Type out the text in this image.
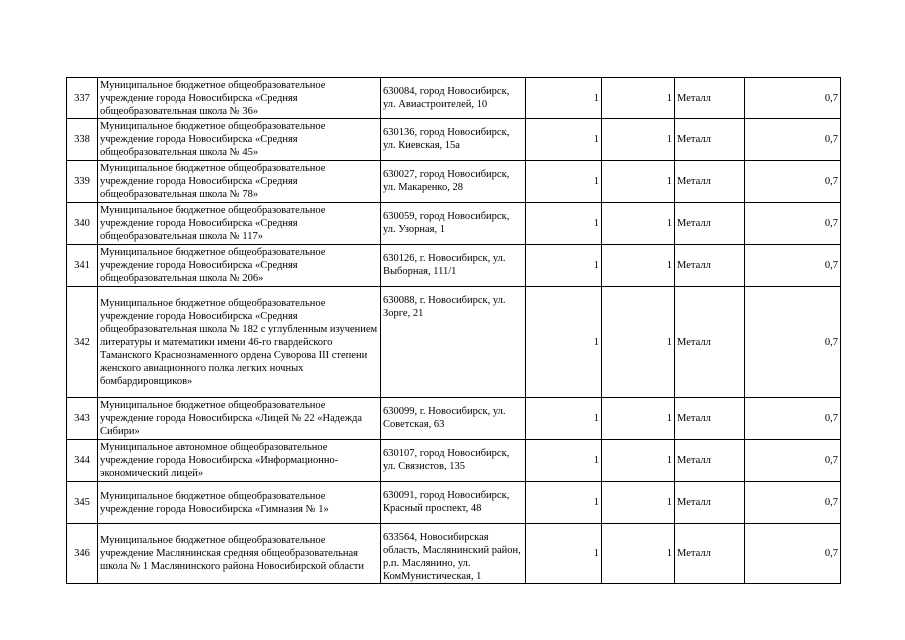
337	Муниципальное бюджетное общеобразовательное учреждение города Новосибирска «Средняя общеобразовательная школа № 36»	630084, город Новосибирск, ул. Авиастроителей, 10	1	1	Металл	0,7

338	Муниципальное бюджетное общеобразовательное учреждение города Новосибирска «Средняя общеобразовательная школа № 45»	630136, город Новосибирск, ул. Киевская, 15а	1	1	Металл	0,7

339	Муниципальное бюджетное общеобразовательное учреждение города Новосибирска «Средняя общеобразовательная школа № 78»	630027, город Новосибирск, ул. Макаренко, 28	1	1	Металл	0,7

340	Муниципальное бюджетное общеобразовательное учреждение города Новосибирска «Средняя общеобразовательная школа № 117»	630059, город Новосибирск, ул. Узорная, 1	1	1	Металл	0,7

341	Муниципальное бюджетное общеобразовательное учреждение города Новосибирска «Средняя общеобразовательная школа № 206»	630126, г. Новосибирск, ул. Выборная, 111/1	1	1	Металл	0,7

342	Муниципальное бюджетное общеобразовательное учреждение города Новосибирска «Средняя общеобразовательная школа № 182 с углубленным изучением литературы и математики имени 46-го гвардейского Таманского Краснознаменного ордена Суворова III степени женского авиационного полка легких ночных бомбардировщиков»	630088, г. Новосибирск, ул. Зорге, 21	1	1	Металл	0,7

343	Муниципальное бюджетное общеобразовательное учреждение города Новосибирска «Лицей № 22 «Надежда Сибири»	630099, г. Новосибирск, ул. Советская, 63	1	1	Металл	0,7

344	Муниципальное автономное общеобразовательное учреждение города Новосибирска «Информационно-экономический лицей»	630107, город Новосибирск, ул. Связистов, 135	1	1	Металл	0,7

345	Муниципальное бюджетное общеобразовательное учреждение города Новосибирска «Гимназия № 1»	630091, город Новосибирск, Красный проспект, 48	1	1	Металл	0,7

346	Муниципальное бюджетное общеобразовательное учреждение Маслянинская средняя общеобразовательная школа № 1 Маслянинского района Новосибирской области	633564, Новосибирская область, Маслянинский район, р.п. Маслянино, ул. КомМунистическая, 1	1	1	Металл	0,7
